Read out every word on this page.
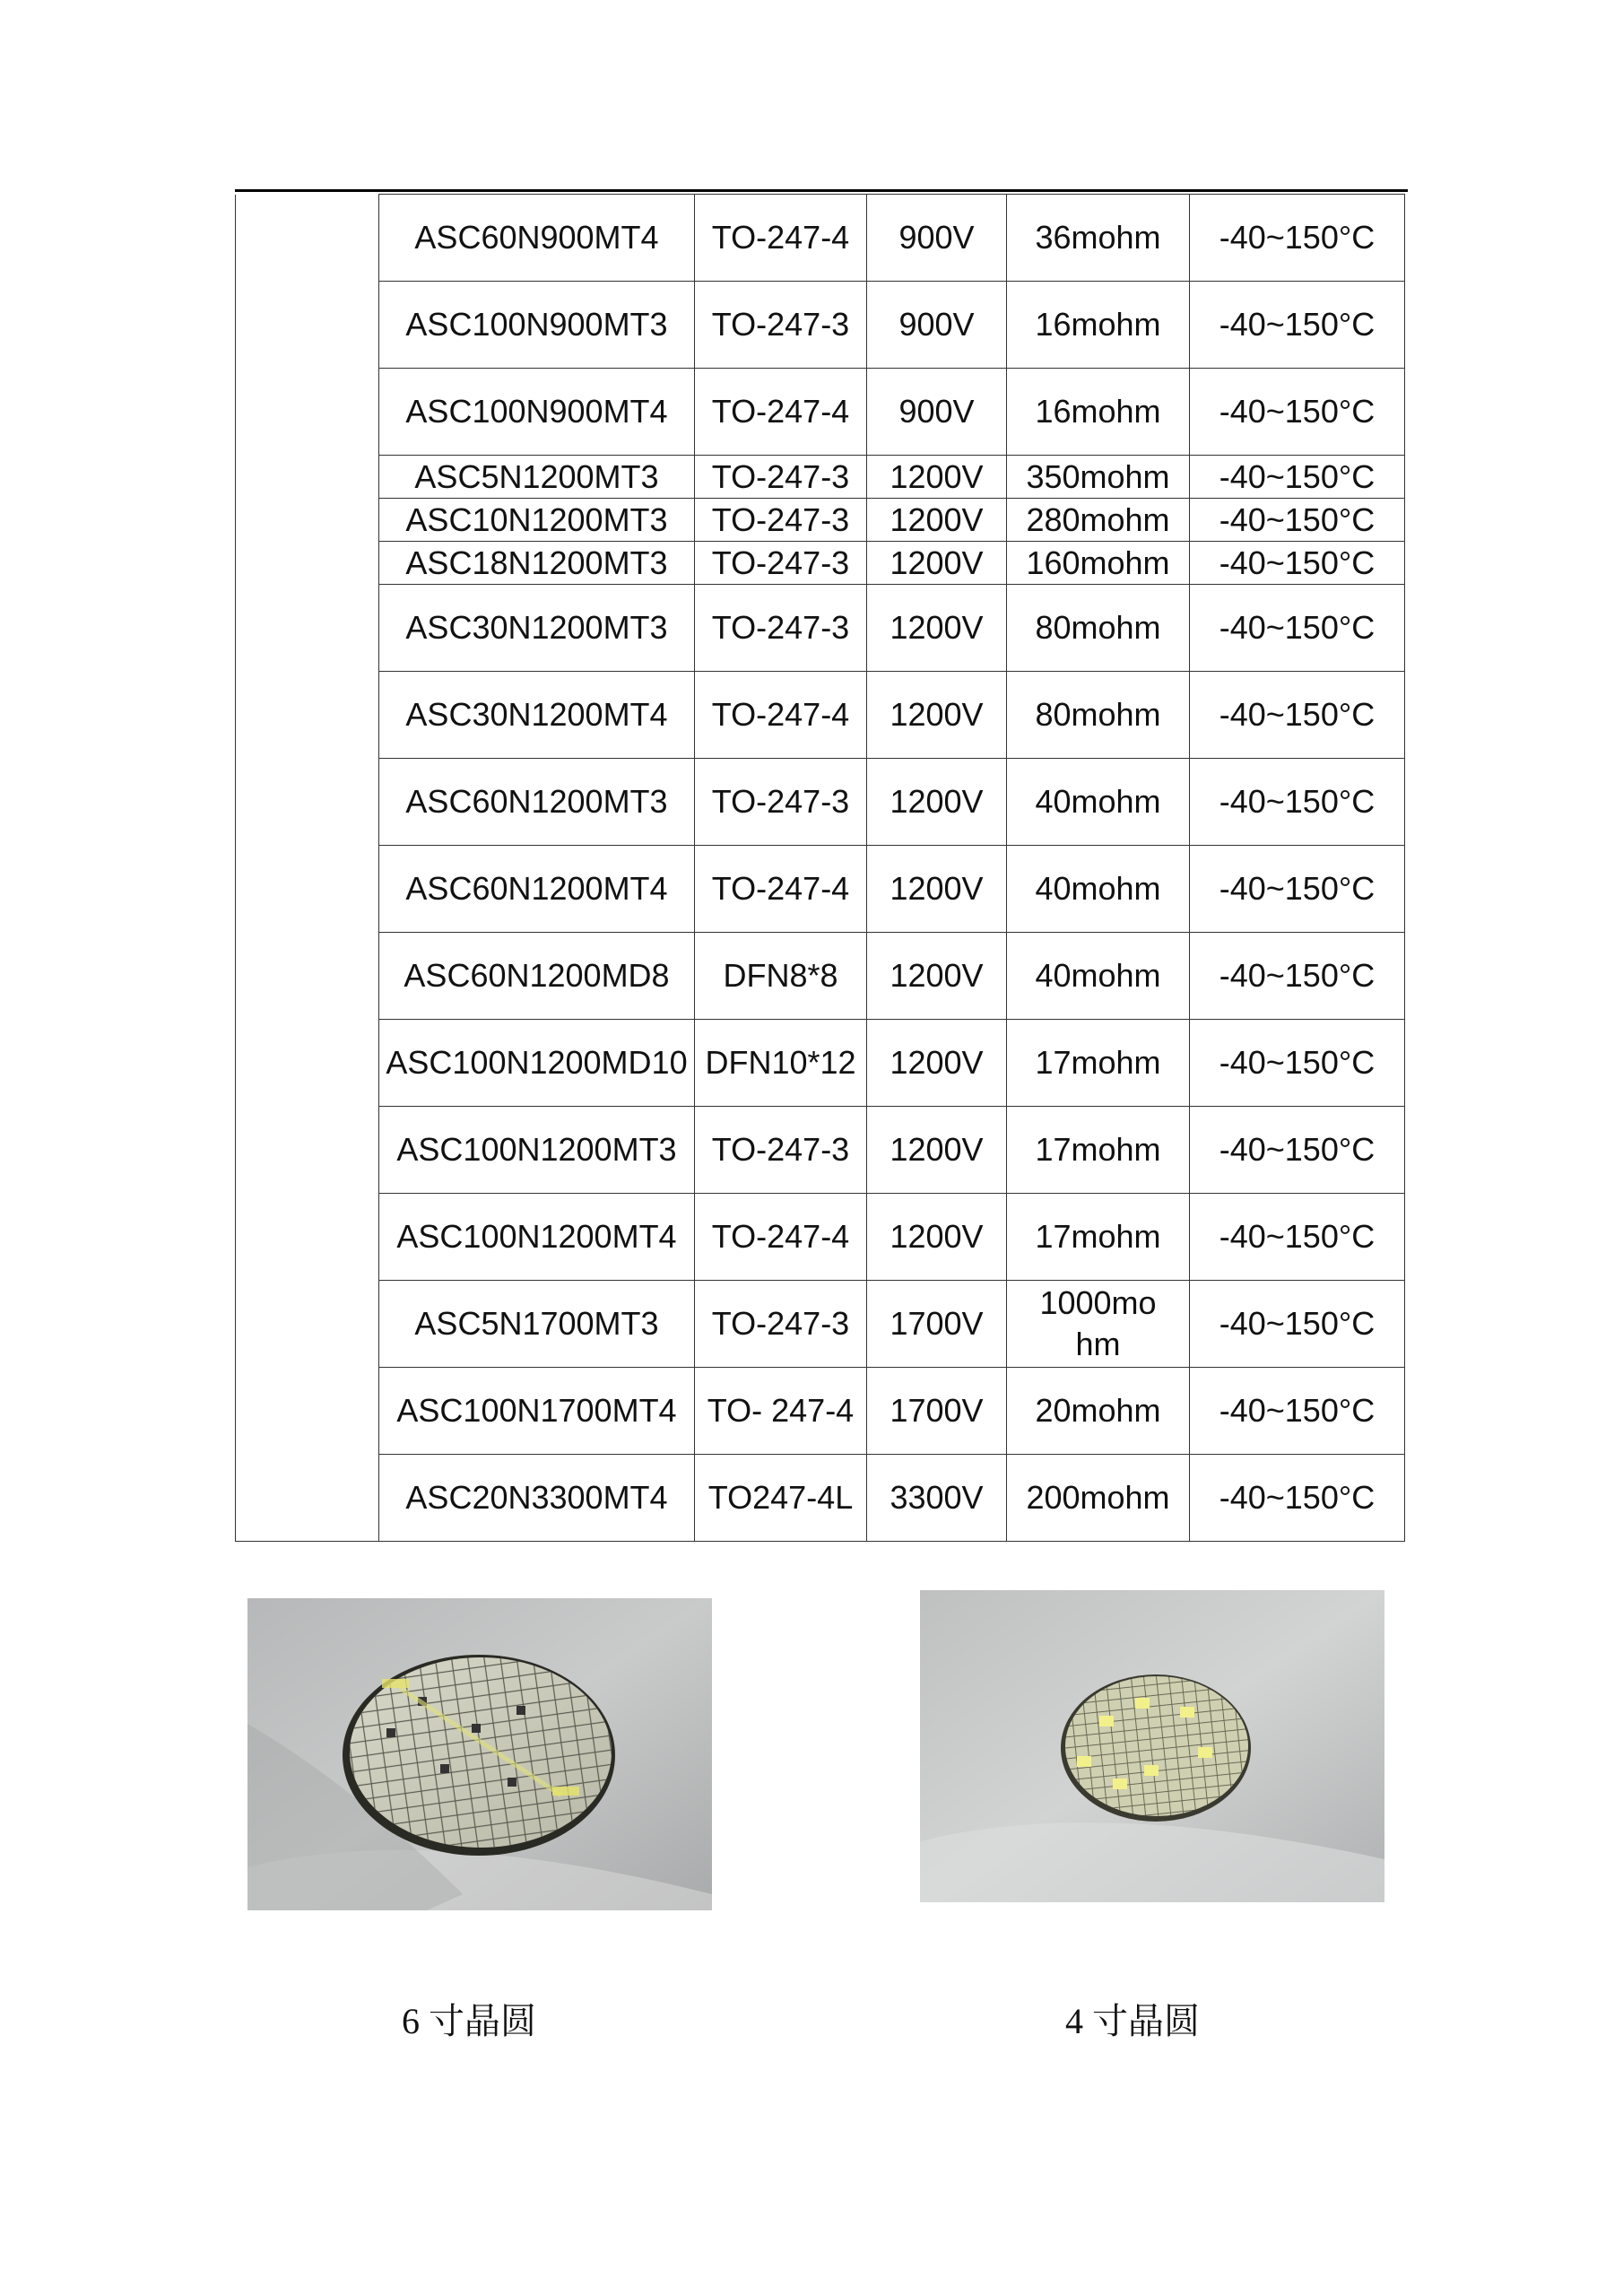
	ASC60N900MT4	TO-247-4	900V	36mohm	-40~150°C
	ASC100N900MT3	TO-247-3	900V	16mohm	-40~150°C
	ASC100N900MT4	TO-247-4	900V	16mohm	-40~150°C
	ASC5N1200MT3	TO-247-3	1200V	350mohm	-40~150°C
	ASC10N1200MT3	TO-247-3	1200V	280mohm	-40~150°C
	ASC18N1200MT3	TO-247-3	1200V	160mohm	-40~150°C
	ASC30N1200MT3	TO-247-3	1200V	80mohm	-40~150°C
	ASC30N1200MT4	TO-247-4	1200V	80mohm	-40~150°C
	ASC60N1200MT3	TO-247-3	1200V	40mohm	-40~150°C
	ASC60N1200MT4	TO-247-4	1200V	40mohm	-40~150°C
	ASC60N1200MD8	DFN8*8	1200V	40mohm	-40~150°C
	ASC100N1200MD10	DFN10*12	1200V	17mohm	-40~150°C
	ASC100N1200MT3	TO-247-3	1200V	17mohm	-40~150°C
	ASC100N1200MT4	TO-247-4	1200V	17mohm	-40~150°C
	ASC5N1700MT3	TO-247-3	1700V	1000mohm	-40~150°C
	ASC100N1700MT4	TO- 247-4	1700V	20mohm	-40~150°C
	ASC20N3300MT4	TO247-4L	3300V	200mohm	-40~150°C
6 寸晶圆	4 寸晶圆
